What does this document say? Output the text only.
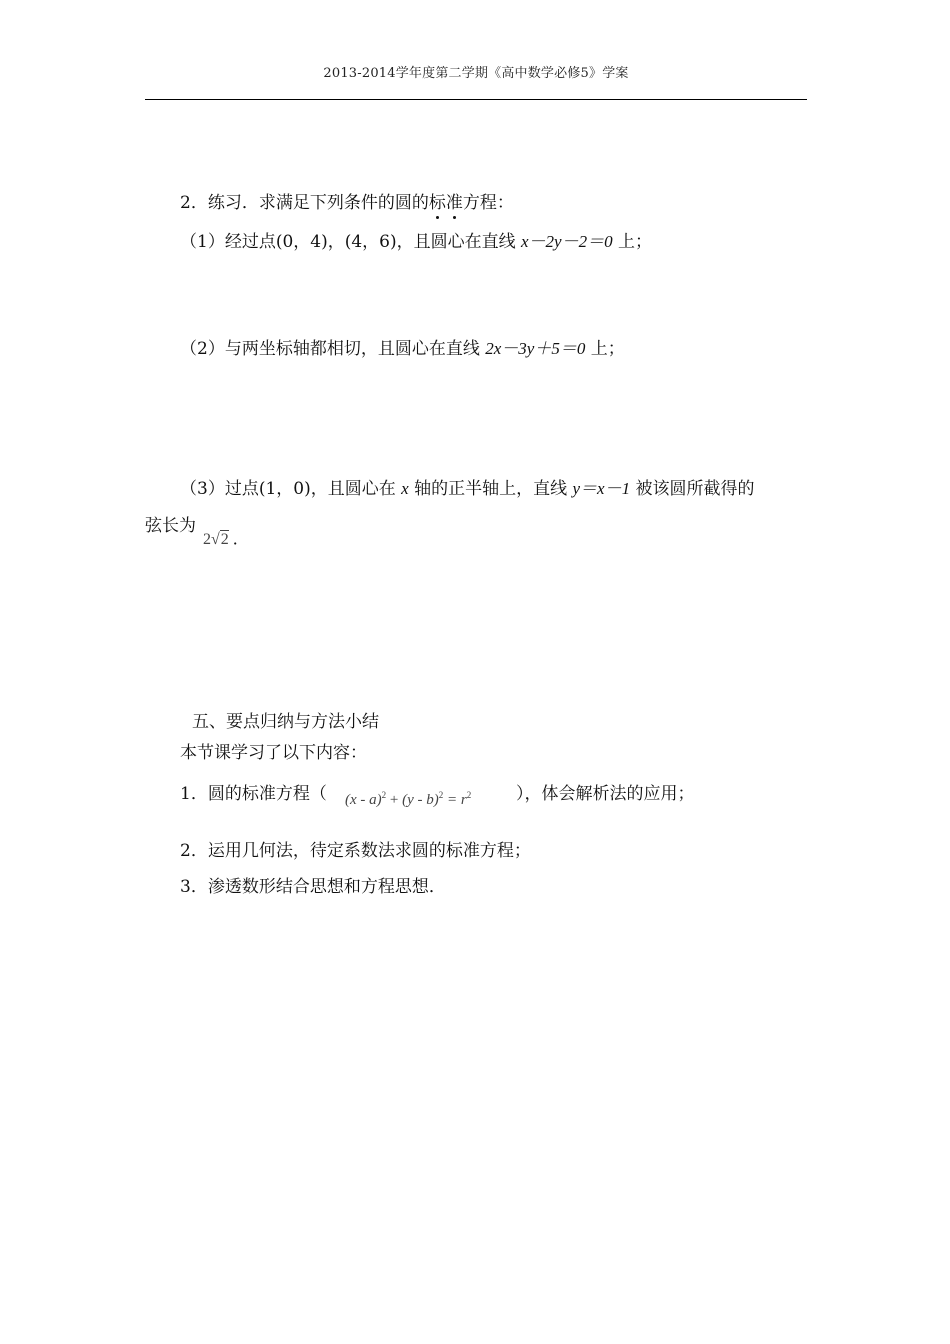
2013-2014学年度第二学期《高中数学必修5》学案
2．练习．求满足下列条件的圆的标准方程：
（1）经过点(0，4)，(4，6)，且圆心在直线 x－2y－2＝0 上；
（2）与两坐标轴都相切，且圆心在直线 2x－3y＋5＝0 上；
（3）过点(1，0)，且圆心在 x 轴的正半轴上，直线 y＝x－1 被该圆所截得的
弦长为
2√2 ．
五、要点归纳与方法小结
本节课学习了以下内容：
1．圆的标准方程（ $(x - a)^2 + (y - b)^2 = r^2$	），体会解析法的应用；
2．运用几何法，待定系数法求圆的标准方程；
3．渗透数形结合思想和方程思想．
